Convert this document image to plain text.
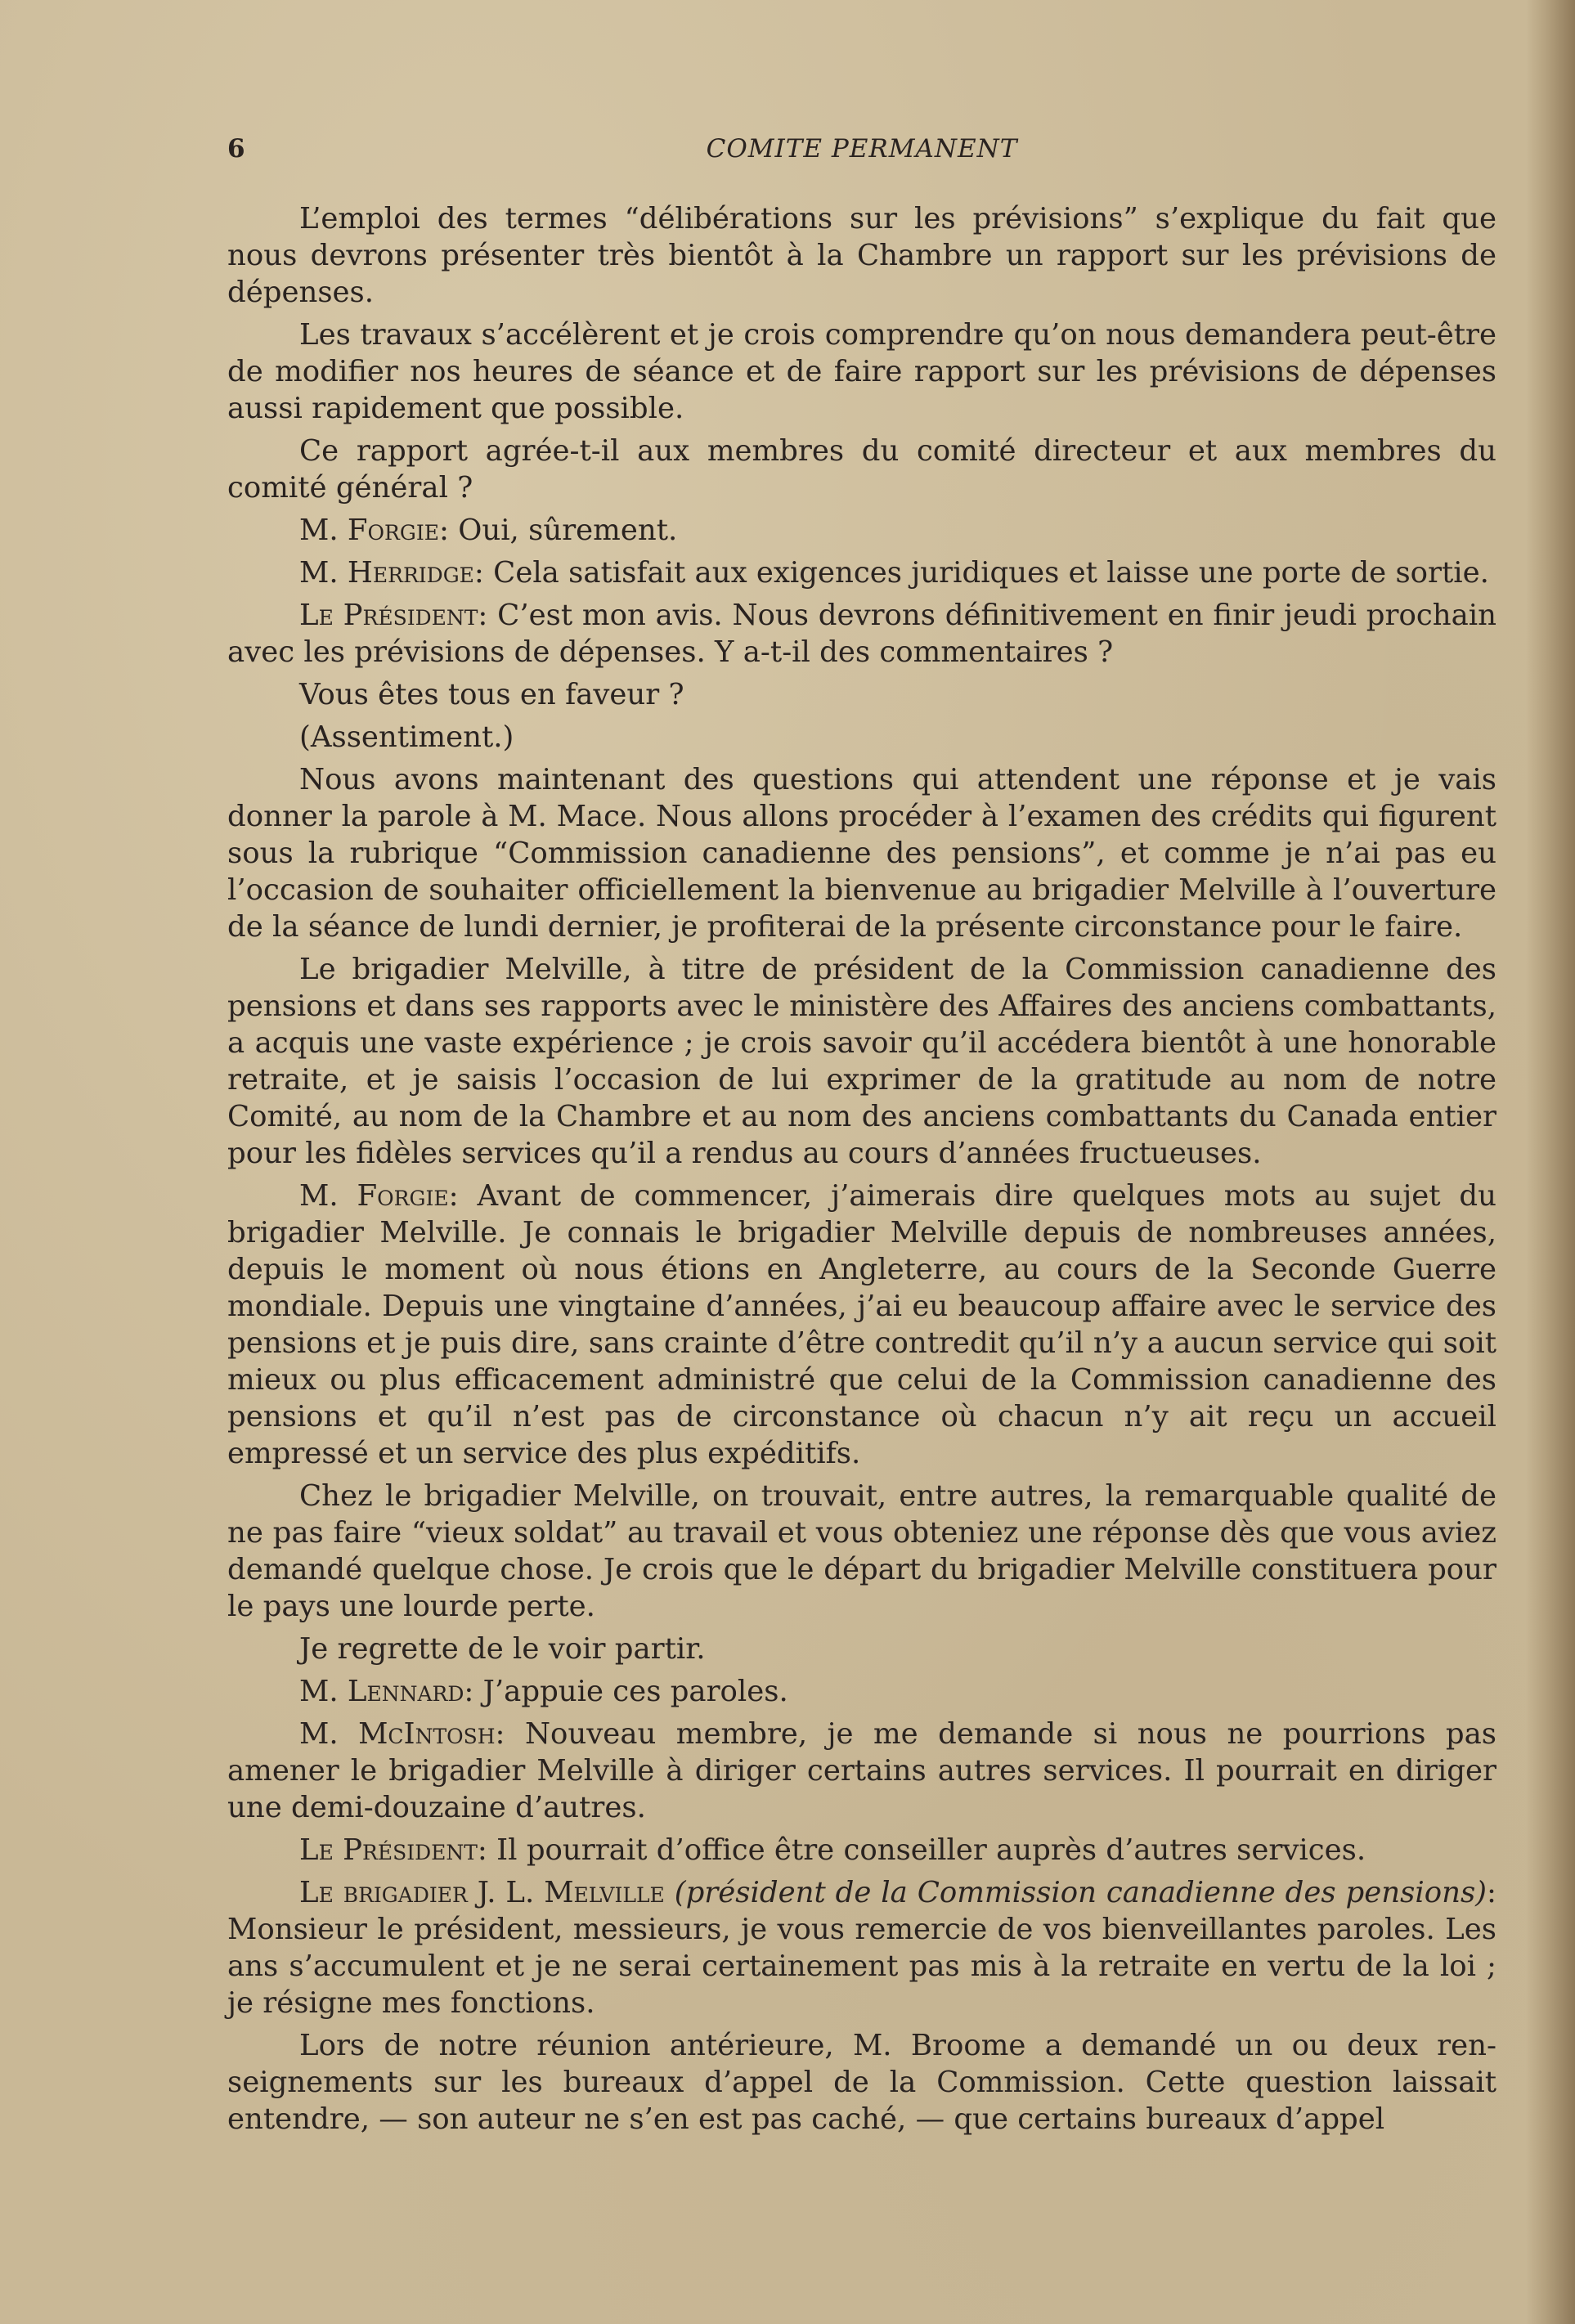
6	COMITE PERMANENT

L’emploi des termes “délibérations sur les prévisions” s’explique du fait que nous devrons présenter très bientôt à la Chambre un rapport sur les prévisions de dépenses.

Les travaux s’accélèrent et je crois comprendre qu’on nous demandera peut-être de modifier nos heures de séance et de faire rapport sur les prévisions de dépenses aussi rapidement que possible.

Ce rapport agrée-t-il aux membres du comité directeur et aux membres du comité général ?

M. Forgie: Oui, sûrement.

M. Herridge: Cela satisfait aux exigences juridiques et laisse une porte de sortie.

Le Président: C’est mon avis. Nous devrons définitivement en finir jeudi prochain avec les prévisions de dépenses. Y a-t-il des commentaires ?

Vous êtes tous en faveur ?

(Assentiment.)

Nous avons maintenant des questions qui attendent une réponse et je vais donner la parole à M. Mace. Nous allons procéder à l’examen des crédits qui figurent sous la rubrique “Commission canadienne des pensions”, et comme je n’ai pas eu l’occasion de souhaiter officiellement la bienvenue au brigadier Melville à l’ouverture de la séance de lundi dernier, je profiterai de la présente circonstance pour le faire.

Le brigadier Melville, à titre de président de la Commission canadienne des pensions et dans ses rapports avec le ministère des Affaires des anciens combattants, a acquis une vaste expérience ; je crois savoir qu’il accédera bientôt à une honorable retraite, et je saisis l’occasion de lui exprimer de la gratitude au nom de notre Comité, au nom de la Chambre et au nom des anciens combattants du Canada entier pour les fidèles services qu’il a rendus au cours d’années fructueuses.

M. Forgie: Avant de commencer, j’aimerais dire quelques mots au sujet du brigadier Melville. Je connais le brigadier Melville depuis de nombreuses années, depuis le moment où nous étions en Angleterre, au cours de la Seconde Guerre mondiale. Depuis une vingtaine d’années, j’ai eu beaucoup affaire avec le service des pensions et je puis dire, sans crainte d’être contredit qu’il n’y a aucun service qui soit mieux ou plus efficacement administré que celui de la Commission canadienne des pensions et qu’il n’est pas de circonstance où chacun n’y ait reçu un accueil empressé et un service des plus expéditifs.

Chez le brigadier Melville, on trouvait, entre autres, la remarquable qualité de ne pas faire “vieux soldat” au travail et vous obteniez une réponse dès que vous aviez demandé quelque chose. Je crois que le départ du brigadier Melville constituera pour le pays une lourde perte.

Je regrette de le voir partir.

M. Lennard: J’appuie ces paroles.

M. McIntosh: Nouveau membre, je me demande si nous ne pourrions pas amener le brigadier Melville à diriger certains autres services. Il pourrait en diriger une demi-douzaine d’autres.

Le Président: Il pourrait d’office être conseiller auprès d’autres services.

Le brigadier J. L. Melville (président de la Commission canadienne des pensions): Monsieur le président, messieurs, je vous remercie de vos bienveillantes paroles. Les ans s’accumulent et je ne serai certainement pas mis à la retraite en vertu de la loi ; je résigne mes fonctions.

Lors de notre réunion antérieure, M. Broome a demandé un ou deux renseignements sur les bureaux d’appel de la Commission. Cette question laissait entendre, — son auteur ne s’en est pas caché, — que certains bureaux d’appel
